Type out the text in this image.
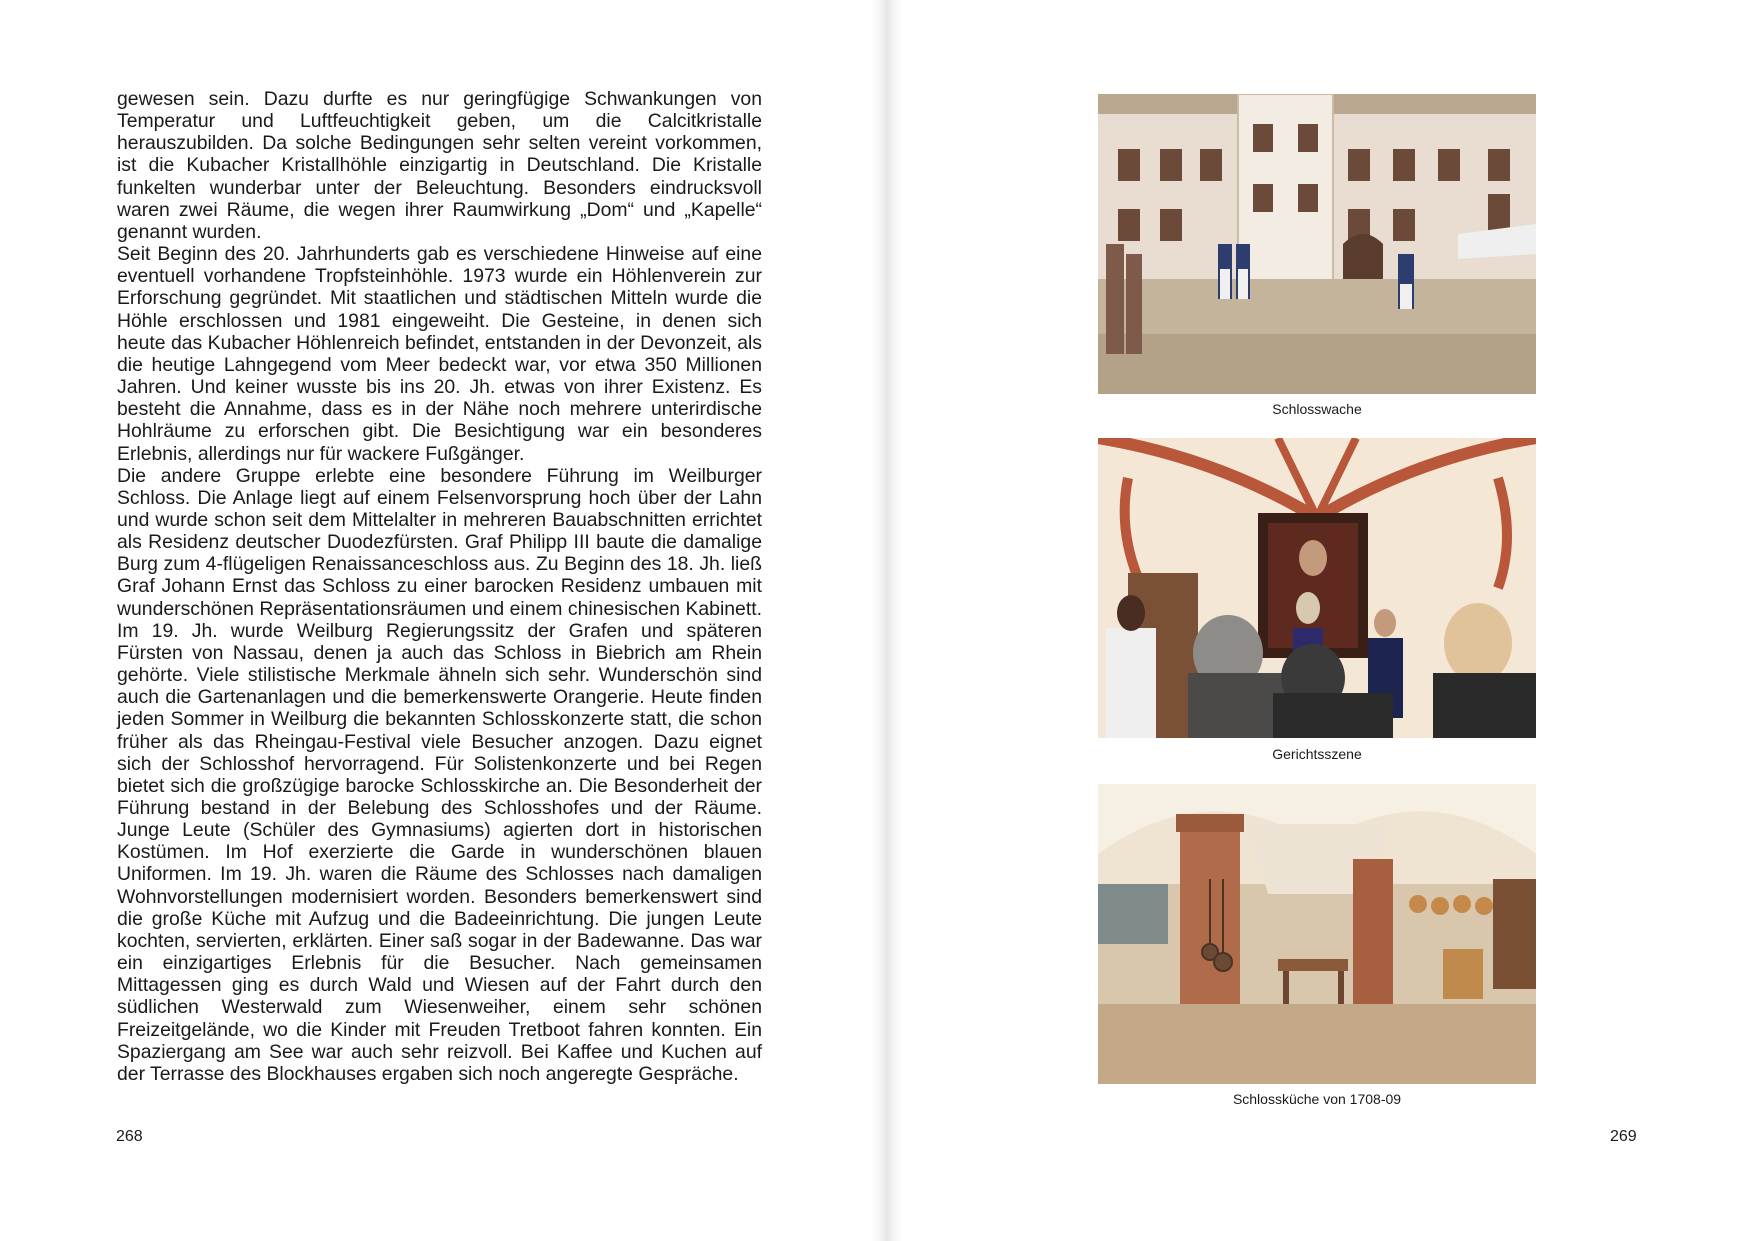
gewesen sein. Dazu durfte es nur geringfügige Schwankungen von Temperatur und Luftfeuchtigkeit geben, um die Calcitkristalle herauszubilden. Da solche Bedingungen sehr selten vereint vorkommen, ist die Kubacher Kristallhöhle einzigartig in Deutschland. Die Kristalle funkelten wunderbar unter der Beleuchtung. Besonders eindrucksvoll waren zwei Räume, die wegen ihrer Raumwirkung „Dom“ und „Kapelle“ genannt wurden.

Seit Beginn des 20. Jahrhunderts gab es verschiedene Hinweise auf eine eventuell vorhandene Tropfsteinhöhle. 1973 wurde ein Höhlenverein zur Erforschung gegründet. Mit staatlichen und städtischen Mitteln wurde die Höhle erschlossen und 1981 eingeweiht. Die Gesteine, in denen sich heute das Kubacher Höhlenreich befindet, entstanden in der Devonzeit, als die heutige Lahngegend vom Meer bedeckt war, vor etwa 350 Millionen Jahren. Und keiner wusste bis ins 20. Jh. etwas von ihrer Existenz. Es besteht die Annahme, dass es in der Nähe noch mehrere unterirdische Hohlräume zu erforschen gibt. Die Besichtigung war ein besonderes Erlebnis, allerdings nur für wackere Fußgänger.

Die andere Gruppe erlebte eine besondere Führung im Weilburger Schloss. Die Anlage liegt auf einem Felsenvorsprung hoch über der Lahn und wurde schon seit dem Mittelalter in mehreren Bauabschnitten errichtet als Residenz deutscher Duodezfürsten. Graf Philipp III baute die damalige Burg zum 4-flügeligen Renaissanceschloss aus. Zu Beginn des 18. Jh. ließ Graf Johann Ernst das Schloss zu einer barocken Residenz umbauen mit wunderschönen Repräsentationsräumen und einem chinesischen Kabinett. Im 19. Jh. wurde Weilburg Regierungssitz der Grafen und späteren Fürsten von Nassau, denen ja auch das Schloss in Biebrich am Rhein gehörte. Viele stilistische Merkmale ähneln sich sehr. Wunderschön sind auch die Gartenanlagen und die bemerkenswerte Orangerie. Heute finden jeden Sommer in Weilburg die bekannten Schlosskonzerte statt, die schon früher als das Rheingau-Festival viele Besucher anzogen. Dazu eignet sich der Schlosshof hervorragend. Für Solistenkonzerte und bei Regen bietet sich die großzügige barocke Schlosskirche an. Die Besonderheit der Führung bestand in der Belebung des Schlosshofes und der Räume. Junge Leute (Schüler des Gymnasiums) agierten dort in historischen Kostümen. Im Hof exerzierte die Garde in wunderschönen blauen Uniformen. Im 19. Jh. waren die Räume des Schlosses nach damaligen Wohnvorstellungen modernisiert worden. Besonders bemerkenswert sind die große Küche mit Aufzug und die Badeeinrichtung. Die jungen Leute kochten, servierten, erklärten. Einer saß sogar in der Badewanne. Das war ein einzigartiges Erlebnis für die Besucher. Nach gemeinsamen Mittagessen ging es durch Wald und Wiesen auf der Fahrt durch den südlichen Westerwald zum Wiesenweiher, einem sehr schönen Freizeitgelände, wo die Kinder mit Freuden Tretboot fahren konnten. Ein Spaziergang am See war auch sehr reizvoll. Bei Kaffee und Kuchen auf der Terrasse des Blockhauses ergaben sich noch angeregte Gespräche.

268

Schlosswache

Gerichtsszene

Schlossküche von 1708-09

269
